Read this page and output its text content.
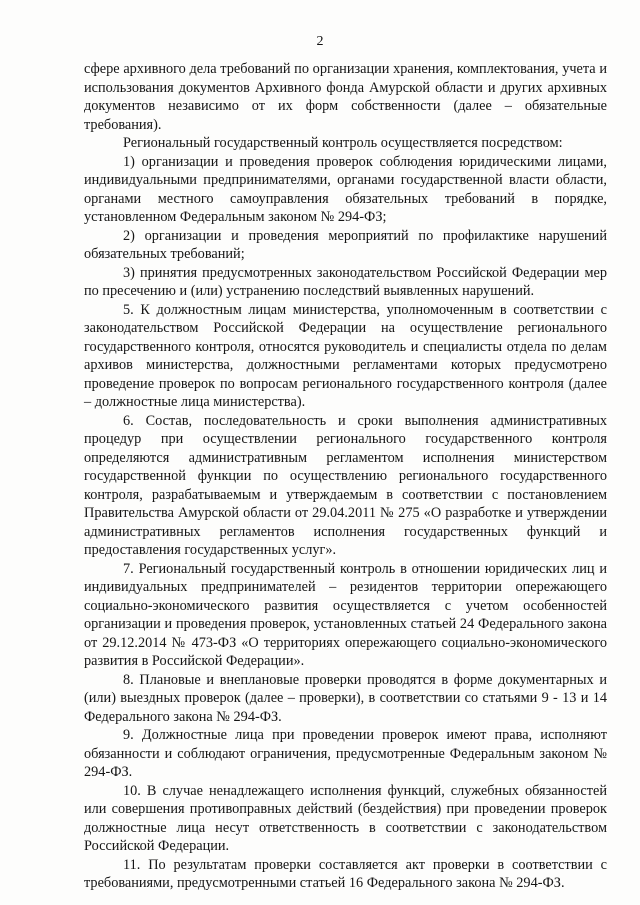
2

сфере архивного дела требований по организации хранения, комплектования, учета и использования документов Архивного фонда Амурской области и других архивных документов независимо от их форм собственности (далее – обязательные требования).

Региональный государственный контроль осуществляется посредством:

1) организации и проведения проверок соблюдения юридическими лицами, индивидуальными предпринимателями, органами государственной власти области, органами местного самоуправления обязательных требований в порядке, установленном Федеральным законом № 294-ФЗ;

2) организации и проведения мероприятий по профилактике нарушений обязательных требований;

3) принятия предусмотренных законодательством Российской Федерации мер по пресечению и (или) устранению последствий выявленных нарушений.

5. К должностным лицам министерства, уполномоченным в соответствии с законодательством Российской Федерации на осуществление регионального государственного контроля, относятся руководитель и специалисты отдела по делам архивов министерства, должностными регламентами которых предусмотрено проведение проверок по вопросам регионального государственного контроля (далее – должностные лица министерства).

6. Состав, последовательность и сроки выполнения административных процедур при осуществлении регионального государственного контроля определяются административным регламентом исполнения министерством государственной функции по осуществлению регионального государственного контроля, разрабатываемым и утверждаемым в соответствии с постановлением Правительства Амурской области от 29.04.2011 № 275 «О разработке и утверждении административных регламентов исполнения государственных функций и предоставления государственных услуг».

7. Региональный государственный контроль в отношении юридических лиц и индивидуальных предпринимателей – резидентов территории опережающего социально-экономического развития осуществляется с учетом особенностей организации и проведения проверок, установленных статьей 24 Федерального закона от 29.12.2014 № 473-ФЗ «О территориях опережающего социально-экономического развития в Российской Федерации».

8. Плановые и внеплановые проверки проводятся в форме документарных и (или) выездных проверок (далее – проверки), в соответствии со статьями 9 - 13 и 14 Федерального закона № 294-ФЗ.

9. Должностные лица при проведении проверок имеют права, исполняют обязанности и соблюдают ограничения, предусмотренные Федеральным законом № 294-ФЗ.

10. В случае ненадлежащего исполнения функций, служебных обязанностей или совершения противоправных действий (бездействия) при проведении проверок должностные лица несут ответственность в соответствии с законодательством Российской Федерации.

11. По результатам проверки составляется акт проверки в соответствии с требованиями, предусмотренными статьей 16 Федерального закона № 294-ФЗ.
